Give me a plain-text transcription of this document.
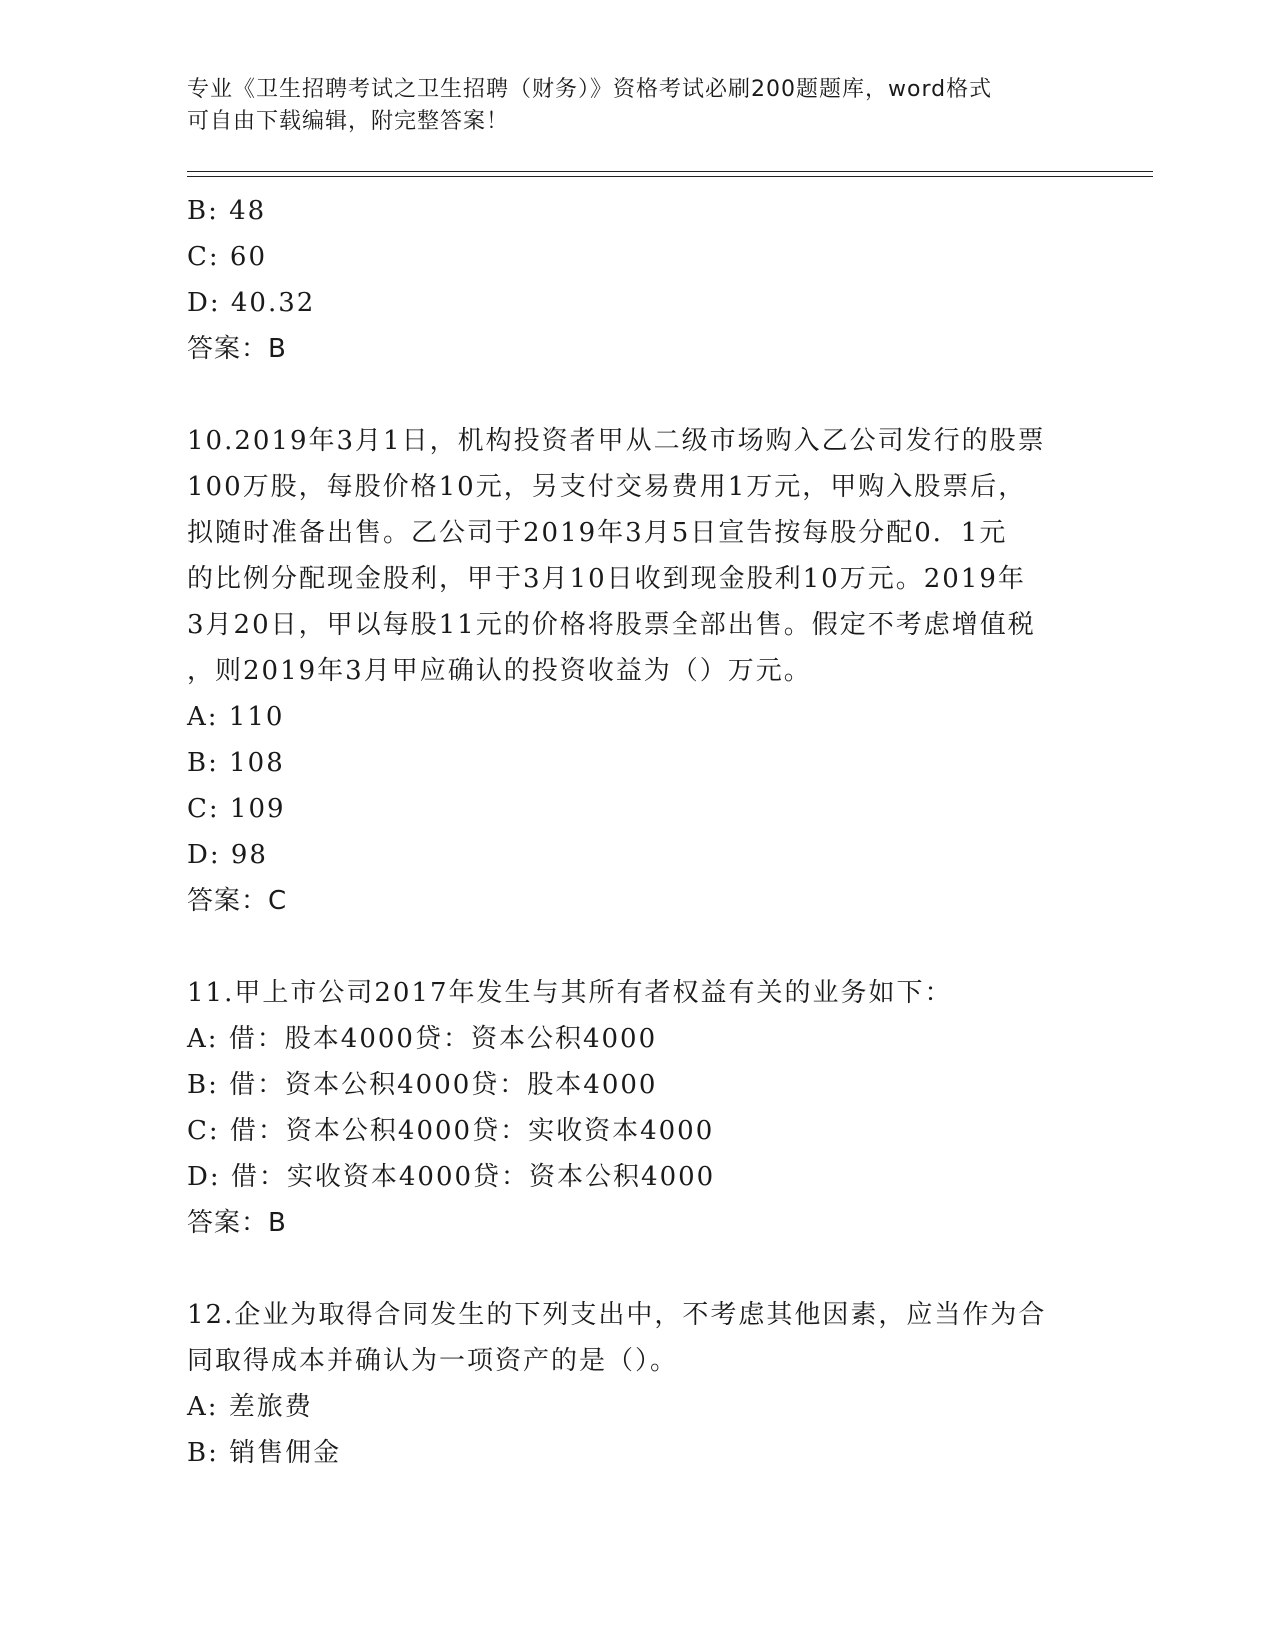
专业《卫生招聘考试之卫生招聘（财务）》资格考试必刷200题题库，word格式
可自由下载编辑，附完整答案！
B: 48
C: 60
D: 40.32
答案：B
10.2019年3月1日，机构投资者甲从二级市场购入乙公司发行的股票
100万股，每股价格10元，另支付交易费用1万元，甲购入股票后，
拟随时准备出售。乙公司于2019年3月5日宣告按每股分配0．1元
的比例分配现金股利，甲于3月10日收到现金股利10万元。2019年
3月20日，甲以每股11元的价格将股票全部出售。假定不考虑增值税
，则2019年3月甲应确认的投资收益为（）万元。
A: 110
B: 108
C: 109
D: 98
答案：C
11.甲上市公司2017年发生与其所有者权益有关的业务如下：
A: 借：股本4000贷：资本公积4000
B: 借：资本公积4000贷：股本4000
C: 借：资本公积4000贷：实收资本4000
D: 借：实收资本4000贷：资本公积4000
答案：B
12.企业为取得合同发生的下列支出中，不考虑其他因素，应当作为合
同取得成本并确认为一项资产的是（）。
A: 差旅费
B: 销售佣金
